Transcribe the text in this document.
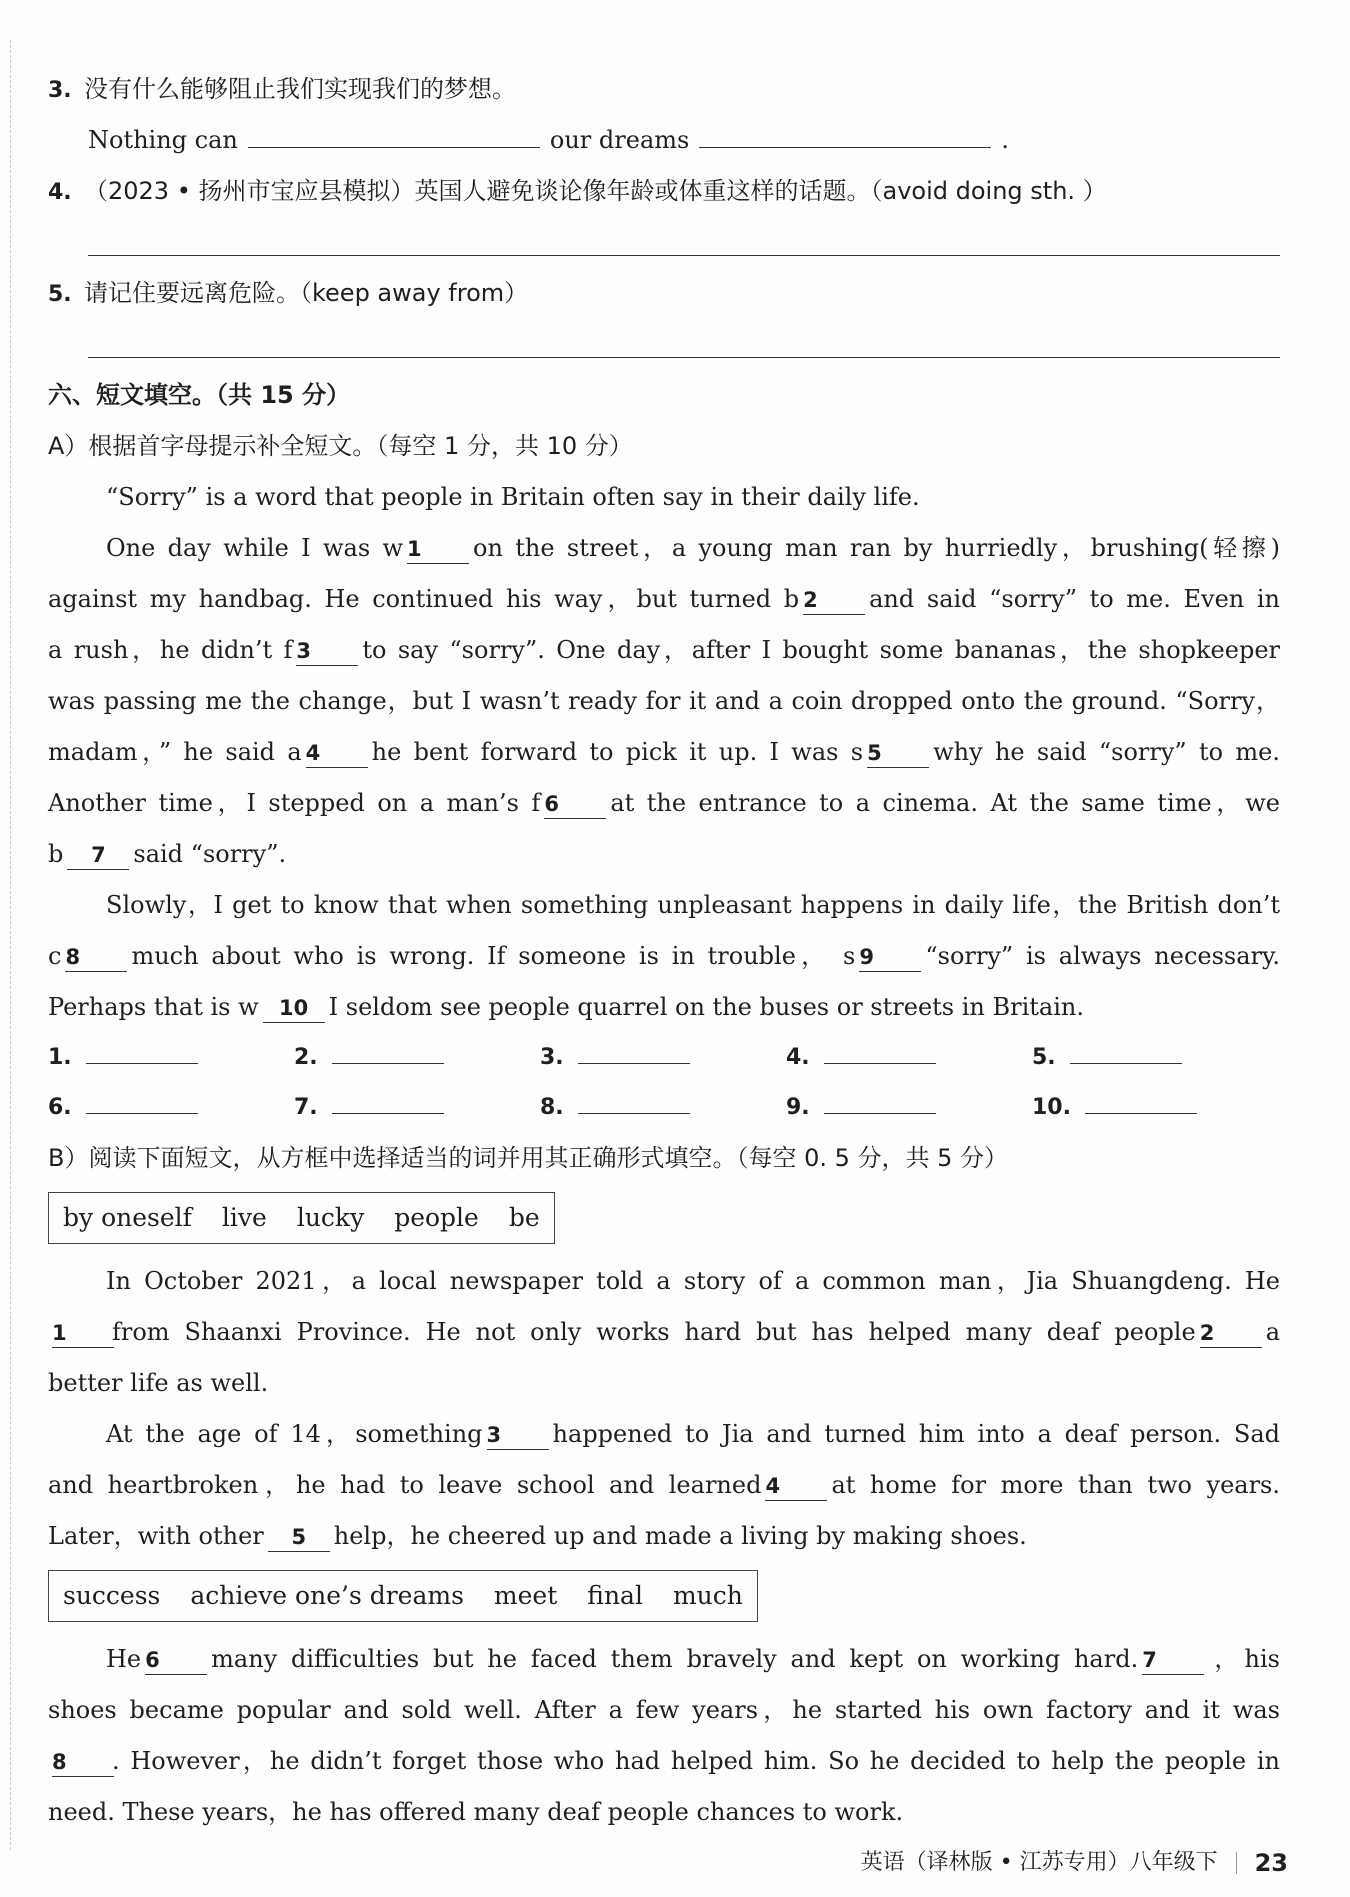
3. 没有什么能够阻止我们实现我们的梦想。
Nothing can	our dreams	.
4. （2023 • 扬州市宝应县模拟）英国人避免谈论像年龄或体重这样的话题。（avoid doing sth. ）
5. 请记住要远离危险。（keep away from）
六、短文填空。（共 15 分）
A）根据首字母提示补全短文。（每空 1 分，共 10 分）
“Sorry” is a word that people in Britain often say in their daily life.
One day while I was w 1 on the street，a young man ran by hurriedly，brushing(轻擦)
against my handbag. He continued his way，but turned b 2 and said “sorry” to me. Even in
a rush，he didn’t f 3 to say “sorry”. One day，after I bought some bananas，the shopkeeper
was passing me the change，but I wasn’t ready for it and a coin dropped onto the ground. “Sorry，
madam，” he said a 4 he bent forward to pick it up. I was s 5 why he said “sorry” to me.
Another time，I stepped on a man’s f 6 at the entrance to a cinema. At the same time，we
b 7 said “sorry”.
Slowly，I get to know that when something unpleasant happens in daily life，the British don’t
c 8 much about who is wrong. If someone is in trouble， s 9 “sorry” is always necessary.
Perhaps that is w 10 I seldom see people quarrel on the buses or streets in Britain.
1.	2.	3.	4.	5.
6.	7.	8.	9.	10.
B）阅读下面短文，从方框中选择适当的词并用其正确形式填空。（每空 0. 5 分，共 5 分）
by oneself live lucky people be
In October 2021，a local newspaper told a story of a common man，Jia Shuangdeng. He
1 from Shaanxi Province. He not only works hard but has helped many deaf people 2 a
better life as well.
At the age of 14，something 3 happened to Jia and turned him into a deaf person. Sad
and heartbroken，he had to leave school and learned 4 at home for more than two years.
Later，with other 5 help，he cheered up and made a living by making shoes.
success achieve one’s dreams meet final much
He 6 many difficulties but he faced them bravely and kept on working hard. 7 ，his
shoes became popular and sold well. After a few years，he started his own factory and it was
8 . However，he didn’t forget those who had helped him. So he decided to help the people in
need. These years，he has offered many deaf people chances to work.
英语（译林版 • 江苏专用）八年级下 23
